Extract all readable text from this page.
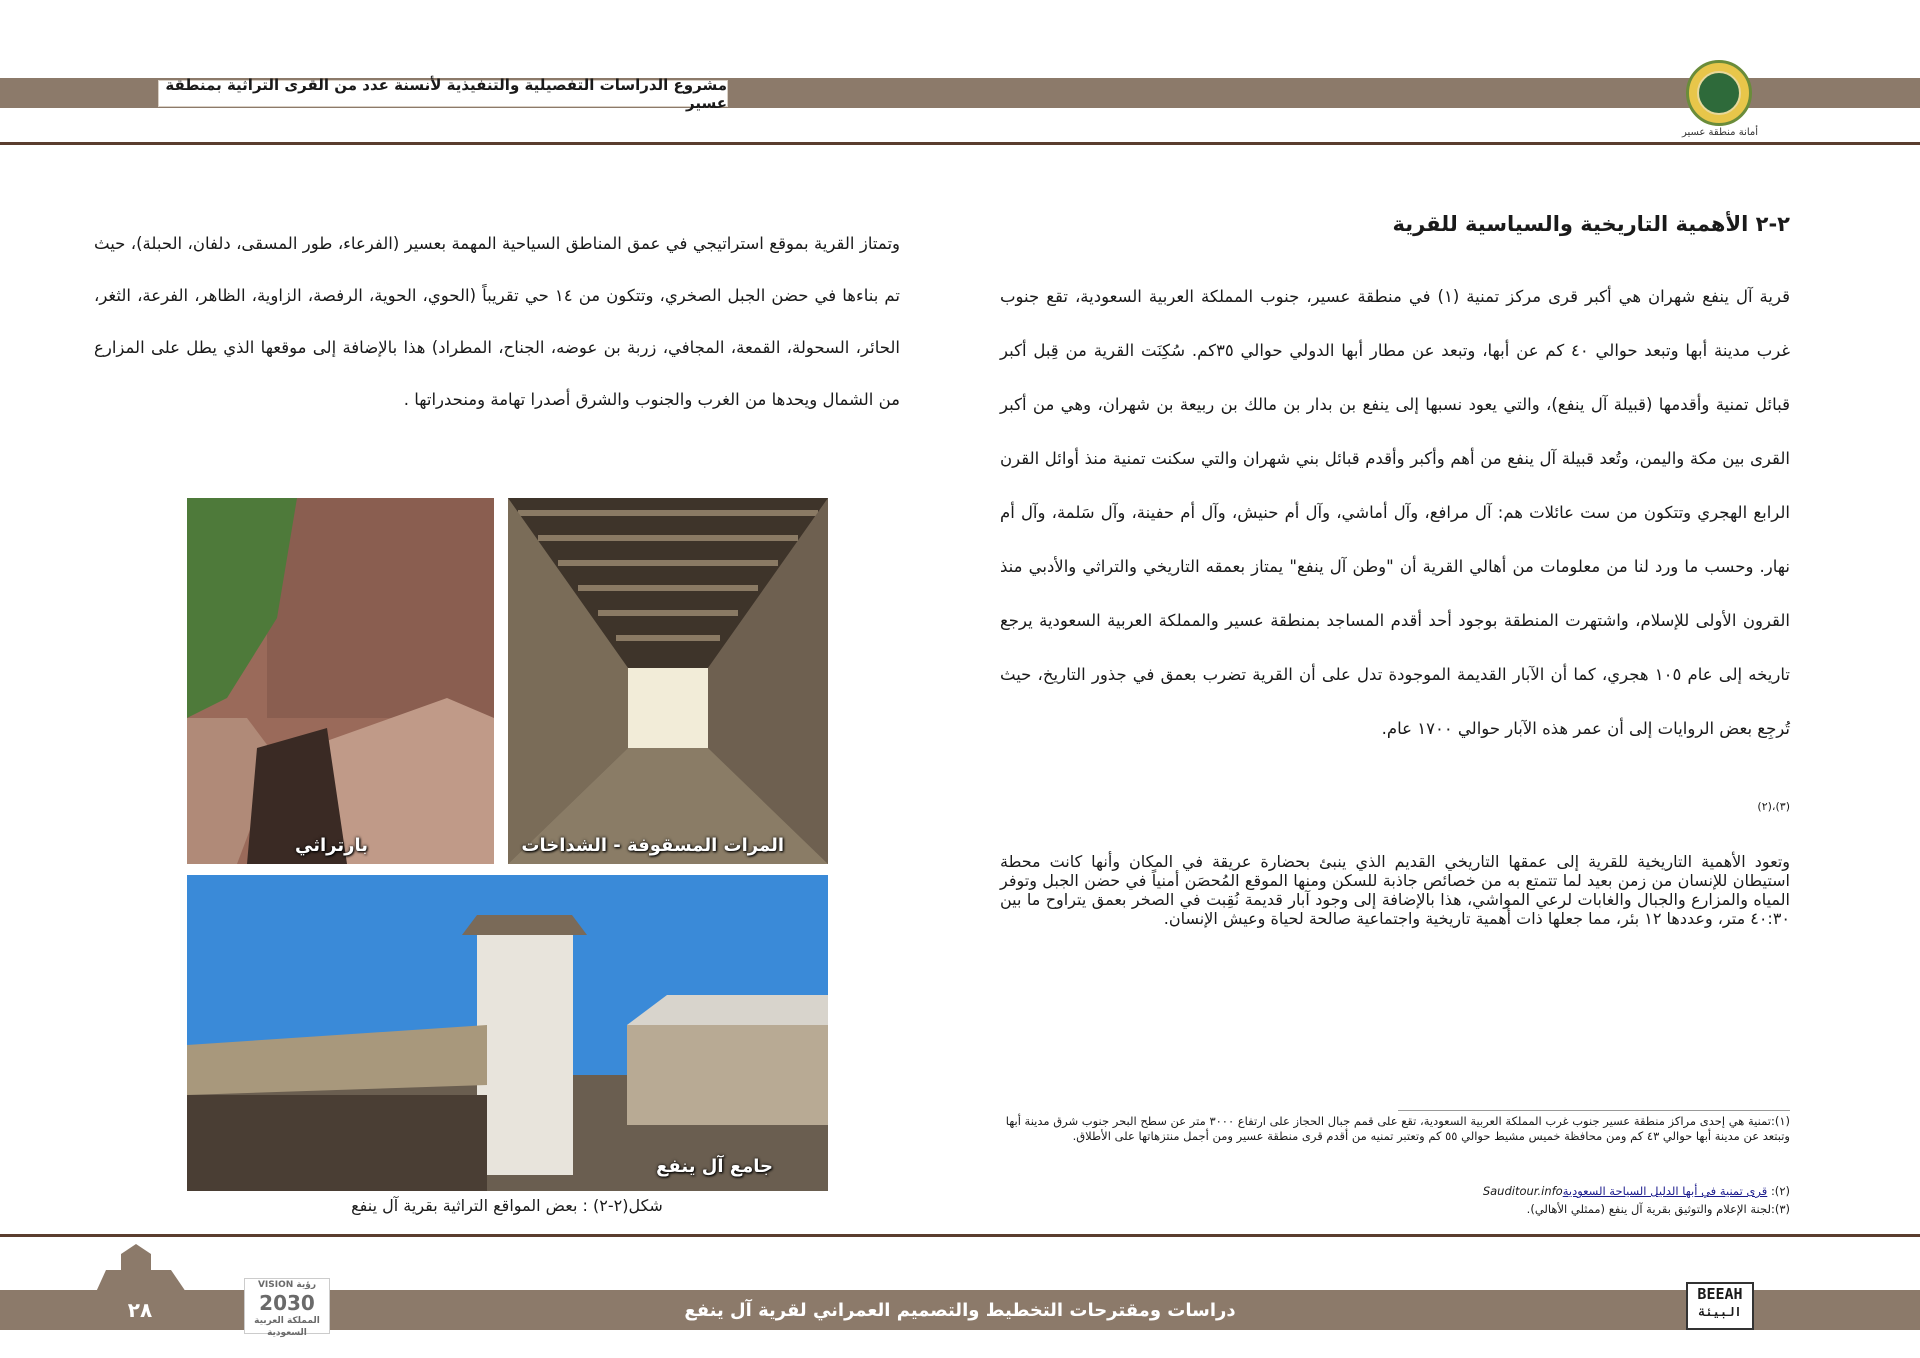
مشروع الدراسات التفصيلية والتنفيذية لأنسنة عدد من القرى التراثية بمنطقة عسير
أمانة منطقة عسير
٢-٢ الأهمية التاريخية والسياسية للقرية

قرية آل ينفع شهران هي أكبر قرى مركز تمنية (١) في منطقة عسير، جنوب المملكة العربية السعودية، تقع جنوب غرب مدينة أبها وتبعد حوالي ٤٠ كم عن أبها، وتبعد عن مطار أبها الدولي حوالي ٣٥كم. سُكِنَت القرية من قِبل أكبر قبائل تمنية وأقدمها (قبيلة آل ينفع)، والتي يعود نسبها إلى ينفع بن بدار بن مالك بن ربيعة بن شهران، وهي من أكبر القرى بين مكة واليمن، وتُعد قبيلة آل ينفع من أهم وأكبر وأقدم قبائل بني شهران والتي سكنت تمنية منذ أوائل القرن الرابع الهجري وتتكون من ست عائلات هم: آل مرافع، وآل أماشي، وآل أم حنيش، وآل أم حفينة، وآل سَلمة، وآل أم نهار. وحسب ما ورد لنا من معلومات من أهالي القرية أن "وطن آل ينفع" يمتاز بعمقه التاريخي والتراثي والأدبي منذ القرون الأولى للإسلام، واشتهرت المنطقة بوجود أحد أقدم المساجد بمنطقة عسير والمملكة العربية السعودية يرجع تاريخه إلى عام ١٠٥ هجري، كما أن الآبار القديمة الموجودة تدل على أن القرية تضرب بعمق في جذور التاريخ، حيث تُرجِع بعض الروايات إلى أن عمر هذه الآبار حوالي ١٧٠٠ عام.

(٣)،(٢)

وتعود الأهمية التاريخية للقرية إلى عمقها التاريخي القديم الذي ينبئ بحضارة عريقة في المكان وأنها كانت محطة استيطان للإنسان من زمن بعيد لما تتمتع به من خصائص جاذبة للسكن ومنها الموقع المُحصَن أمنياً في حضن الجبل وتوفر المياه والمزارع والجبال والغابات لرعي المواشي، هذا بالإضافة إلى وجود آبار قديمة نُقِبت في الصخر بعمق يتراوح ما بين ٤٠:٣٠ متر، وعددها ١٢ بئر، مما جعلها ذات أهمية تاريخية واجتماعية صالحة لحياة وعيش الإنسان.

وتمتاز القرية بموقع استراتيجي في عمق المناطق السياحية المهمة بعسير (الفرعاء، طور المسقى، دلفان، الحبلة)، حيث تم بناءها في حضن الجبل الصخري، وتتكون من ١٤ حي تقريباً (الحوي، الحوية، الرفصة، الزاوية، الظاهر، الفرعة، الثغر، الحائر، السحولة، القمعة، المجافي، زربة بن عوضه، الجناح، المطراد) هذا بالإضافة إلى موقعها الذي يطل على المزارع من الشمال ويحدها من الغرب والجنوب والشرق أصدرا تهامة ومنحدراتها .

المرات المسقوفة - الشداخات
بارتراثي
جامع آل ينفع
شكل(٢-٢) : بعض المواقع التراثية بقرية آل ينفع
(١):تمنية هي إحدى مراكز منطقة عسير جنوب غرب المملكة العربية السعودية، تقع على قمم جبال الحجاز على ارتفاع ٣٠٠٠ متر عن سطح البحر جنوب شرق مدينة أبها وتبتعد عن مدينة أبها حوالي ٤٣ كم ومن محافظة خميس مشيط حوالي ٥٥ كم وتعتبر تمنيه من أقدم قرى منطقة عسير ومن أجمل منتزهاتها على الأطلاق.
(٢): قرى تمنية في أبها الدليل السياحة السعوديةSauditour.info
(٣):لجنة الإعلام والتوثيق بقرية آل ينفع (ممثلي الأهالي).
٢٨
VISION رؤية
2030
المملكة العربية السعودية
دراسات ومقترحات التخطيط والتصميم العمراني لقرية آل ينفع
BEEAH
البيئة
